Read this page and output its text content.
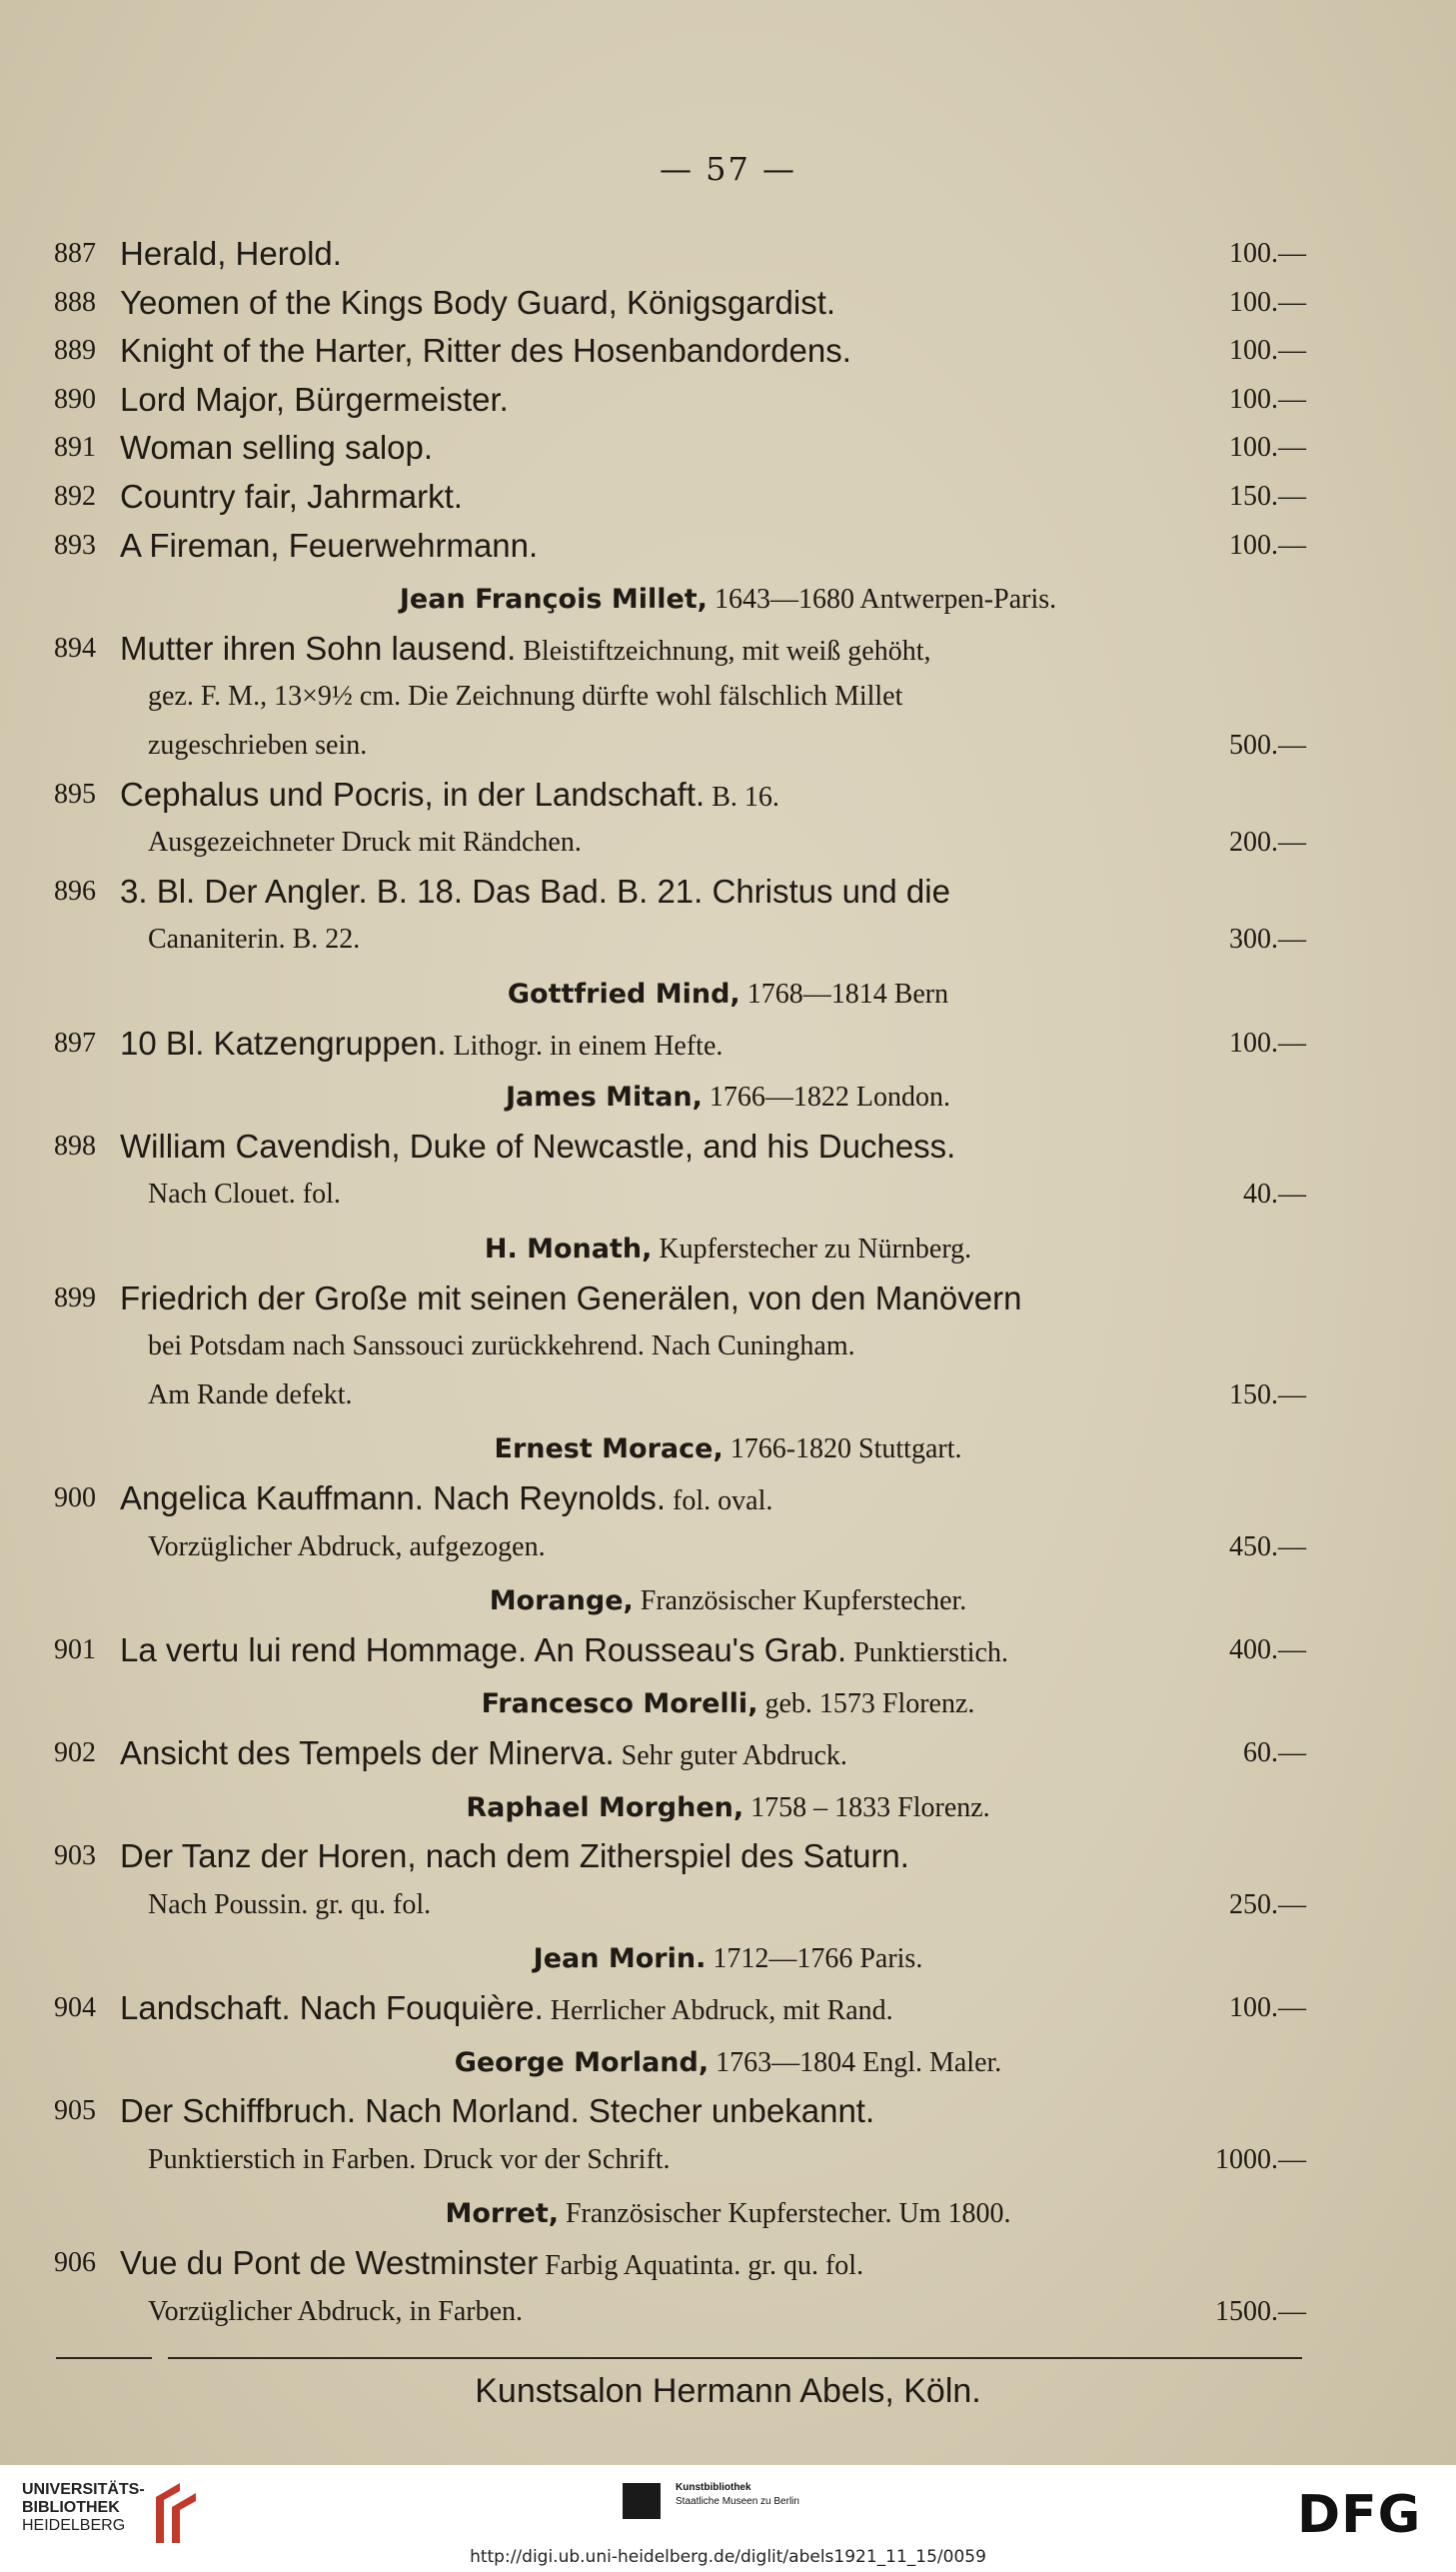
— 57 —
887 Herald, Herold.	100.—
888 Yeomen of the Kings Body Guard, Königsgardist.	100.—
889 Knight of the Harter, Ritter des Hosenbandordens.	100.—
890 Lord Major, Bürgermeister.	100.—
891 Woman selling salop.	100.—
892 Country fair, Jahrmarkt.	150.—
893 A Fireman, Feuerwehrmann.	100.—
Jean François Millet, 1643—1680 Antwerpen-Paris.
894 Mutter ihren Sohn lausend. Bleistiftzeichnung, mit weiß gehöht,
gez. F. M., 13×9½ cm. Die Zeichnung dürfte wohl fälschlich Millet
zugeschrieben sein.	500.—
895 Cephalus und Pocris, in der Landschaft. B. 16.
Ausgezeichneter Druck mit Rändchen.	200.—
896 3. Bl. Der Angler. B. 18. Das Bad. B. 21. Christus und die
Cananiterin. B. 22.	300.—
Gottfried Mind, 1768—1814 Bern
897 10 Bl. Katzengruppen. Lithogr. in einem Hefte.	100.—
James Mitan, 1766—1822 London.
898 William Cavendish, Duke of Newcastle, and his Duchess.
Nach Clouet. fol.	40.—
H. Monath, Kupferstecher zu Nürnberg.
899 Friedrich der Große mit seinen Generälen, von den Manövern
bei Potsdam nach Sanssouci zurückkehrend. Nach Cuningham.
Am Rande defekt.	150.—
Ernest Morace, 1766-1820 Stuttgart.
900 Angelica Kauffmann. Nach Reynolds. fol. oval.
Vorzüglicher Abdruck, aufgezogen.	450.—
Morange, Französischer Kupferstecher.
901 La vertu lui rend Hommage. An Rousseau's Grab. Punktierstich.	400.—
Francesco Morelli, geb. 1573 Florenz.
902 Ansicht des Tempels der Minerva. Sehr guter Abdruck.	60.—
Raphael Morghen, 1758 – 1833 Florenz.
903 Der Tanz der Horen, nach dem Zitherspiel des Saturn.
Nach Poussin. gr. qu. fol.	250.—
Jean Morin. 1712—1766 Paris.
904 Landschaft. Nach Fouquière. Herrlicher Abdruck, mit Rand.	100.—
George Morland, 1763—1804 Engl. Maler.
905 Der Schiffbruch. Nach Morland. Stecher unbekannt.
Punktierstich in Farben. Druck vor der Schrift.	1000.—
Morret, Französischer Kupferstecher. Um 1800.
906 Vue du Pont de Westminster Farbig Aquatinta. gr. qu. fol.
Vorzüglicher Abdruck, in Farben.	1500.—
Kunstsalon Hermann Abels, Köln.
UNIVERSITÄTS-
BIBLIOTHEK
HEIDELBERG
Kunstbibliothek
Staatliche Museen zu Berlin	DFG
http://digi.ub.uni-heidelberg.de/diglit/abels1921_11_15/0059
